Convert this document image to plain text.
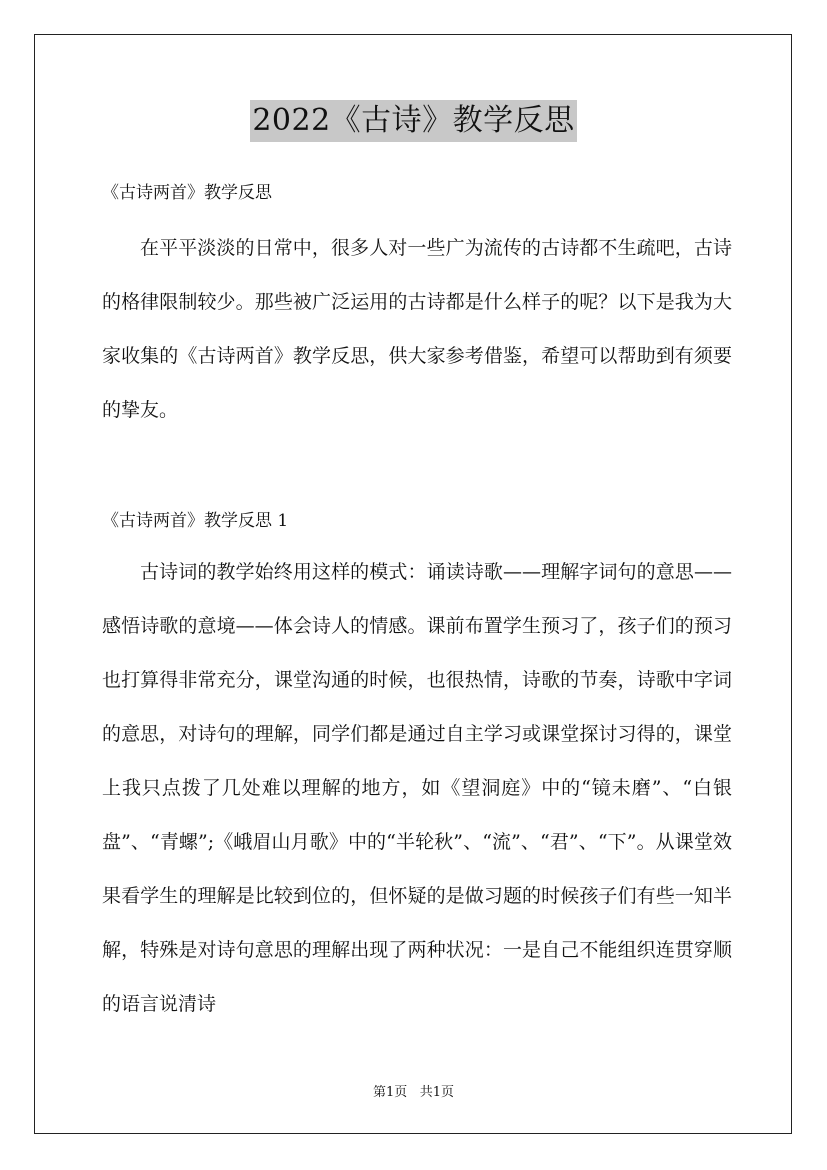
2022《古诗》教学反思
《古诗两首》教学反思

在平平淡淡的日常中，很多人对一些广为流传的古诗都不生疏吧，古诗的格律限制较少。那些被广泛运用的古诗都是什么样子的呢？以下是我为大家收集的《古诗两首》教学反思，供大家参考借鉴，希望可以帮助到有须要的挚友。

《古诗两首》教学反思 1

古诗词的教学始终用这样的模式：诵读诗歌——理解字词句的意思——感悟诗歌的意境——体会诗人的情感。课前布置学生预习了，孩子们的预习也打算得非常充分，课堂沟通的时候，也很热情，诗歌的节奏，诗歌中字词的意思，对诗句的理解，同学们都是通过自主学习或课堂探讨习得的，课堂上我只点拨了几处难以理解的地方，如《望洞庭》中的“镜未磨”、“白银盘”、“青螺”;《峨眉山月歌》中的“半轮秋”、“流”、“君”、“下”。从课堂效果看学生的理解是比较到位的，但怀疑的是做习题的时候孩子们有些一知半解，特殊是对诗句意思的理解出现了两种状况：一是自己不能组织连贯穿顺的语言说清诗

第1页 共1页
